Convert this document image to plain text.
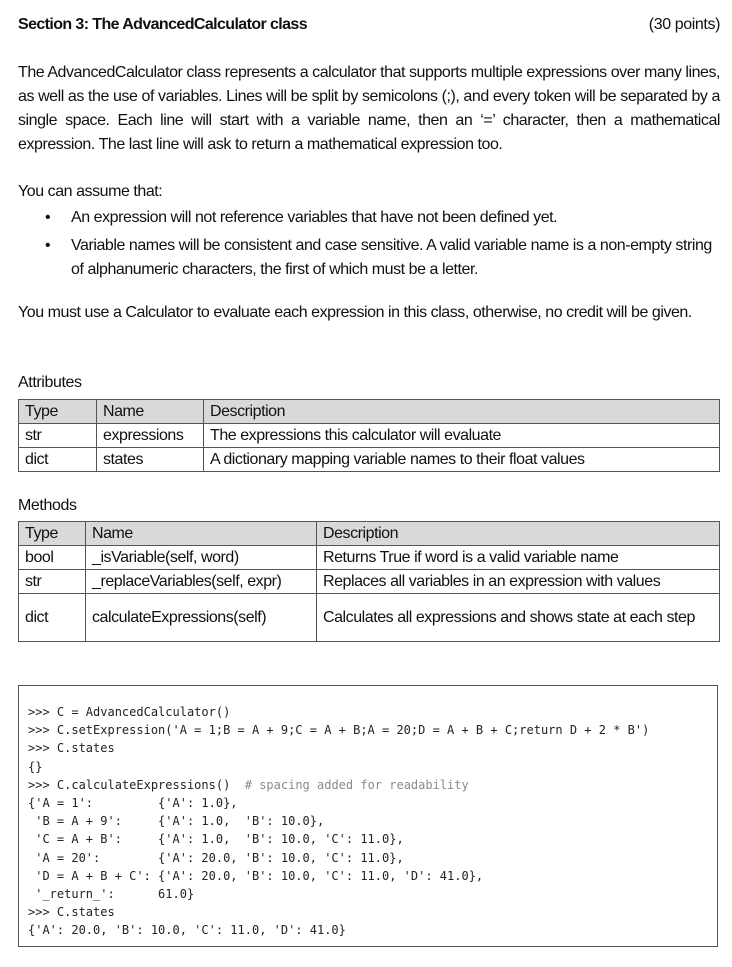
Section 3: The AdvancedCalculator class	(30 points)
The AdvancedCalculator class represents a calculator that supports multiple expressions over many lines, as well as the use of variables. Lines will be split by semicolons (;), and every token will be separated by a single space. Each line will start with a variable name, then an ‘=’ character, then a mathematical expression. The last line will ask to return a mathematical expression too.
You can assume that:
• An expression will not reference variables that have not been defined yet.
• Variable names will be consistent and case sensitive. A valid variable name is a non-empty string of alphanumeric characters, the first of which must be a letter.
You must use a Calculator to evaluate each expression in this class, otherwise, no credit will be given.
Attributes
Type	Name	Description
str	expressions	The expressions this calculator will evaluate
dict	states	A dictionary mapping variable names to their float values
Methods
Type	Name	Description
bool	_isVariable(self, word)	Returns True if word is a valid variable name
str	_replaceVariables(self, expr)	Replaces all variables in an expression with values
dict	calculateExpressions(self)	Calculates all expressions and shows state at each step
>>> C = AdvancedCalculator()
>>> C.setExpression('A = 1;B = A + 9;C = A + B;A = 20;D = A + B + C;return D + 2 * B')
>>> C.states
{}
>>> C.calculateExpressions()  # spacing added for readability
{'A = 1':         {'A': 1.0},
'B = A + 9':     {'A': 1.0,  'B': 10.0},
'C = A + B':     {'A': 1.0,  'B': 10.0, 'C': 11.0},
'A = 20':        {'A': 20.0, 'B': 10.0, 'C': 11.0},
'D = A + B + C': {'A': 20.0, 'B': 10.0, 'C': 11.0, 'D': 41.0},
'_return_':      61.0}
>>> C.states
{'A': 20.0, 'B': 10.0, 'C': 11.0, 'D': 41.0}
